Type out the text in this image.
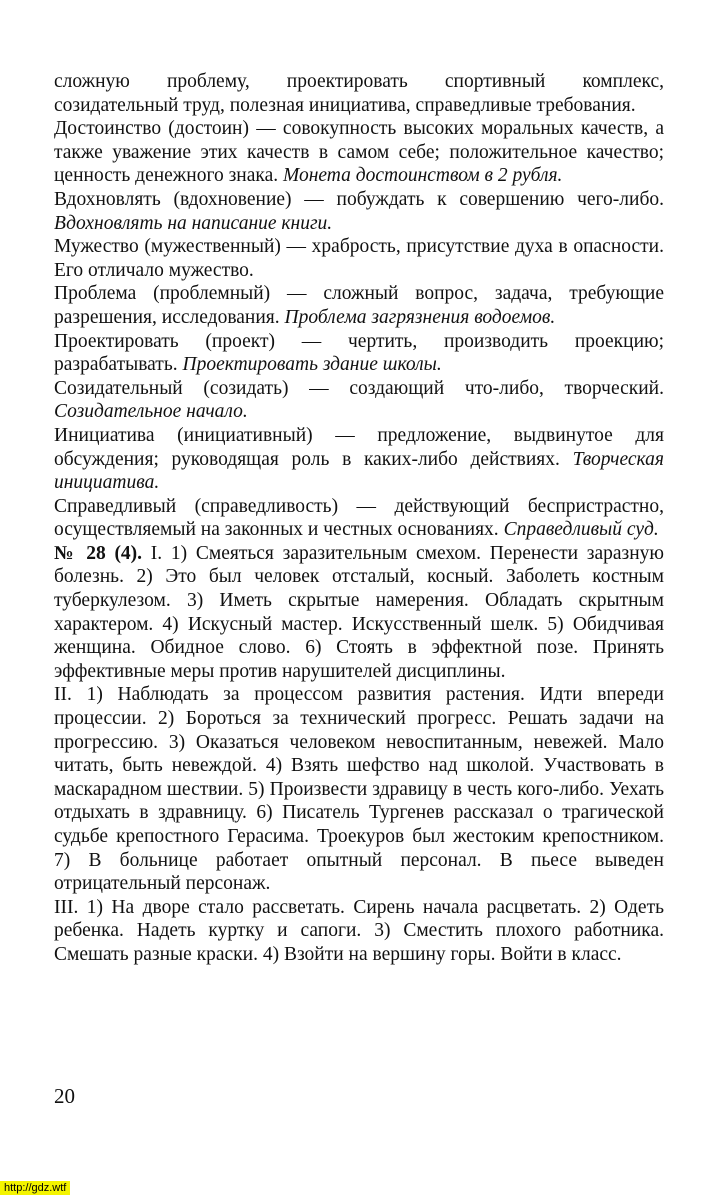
сложную проблему, проектировать спортивный комплекс, созидательный труд, полезная инициатива, справедливые требования.

Достоинство (достоин) — совокупность высоких моральных качеств, а также уважение этих качеств в самом себе; положительное качество; ценность денежного знака. Монета достоинством в 2 рубля.

Вдохновлять (вдохновение) — побуждать к совершению чего-либо. Вдохновлять на написание книги.

Мужество (мужественный) — храбрость, присутствие духа в опасности. Его отличало мужество.

Проблема (проблемный) — сложный вопрос, задача, требующие разрешения, исследования. Проблема загрязнения водоемов.

Проектировать (проект) — чертить, производить проекцию; разрабатывать. Проектировать здание школы.

Созидательный (созидать) — создающий что-либо, творческий. Созидательное начало.

Инициатива (инициативный) — предложение, выдвинутое для обсуждения; руководящая роль в каких-либо действиях. Творческая инициатива.

Справедливый (справедливость) — действующий беспристрастно, осуществляемый на законных и честных основаниях. Справедливый суд.

№ 28 (4). I. 1) Смеяться заразительным смехом. Перенести заразную болезнь. 2) Это был человек отсталый, косный. Заболеть костным туберкулезом. 3) Иметь скрытые намерения. Обладать скрытным характером. 4) Искусный мастер. Искусственный шелк. 5) Обидчивая женщина. Обидное слово. 6) Стоять в эффектной позе. Принять эффективные меры против нарушителей дисциплины.

II. 1) Наблюдать за процессом развития растения. Идти впереди процессии. 2) Бороться за технический прогресс. Решать задачи на прогрессию. 3) Оказаться человеком невоспитанным, невежей. Мало читать, быть невеждой. 4) Взять шефство над школой. Участвовать в маскарадном шествии. 5) Произвести здравицу в честь кого-либо. Уехать отдыхать в здравницу. 6) Писатель Тургенев рассказал о трагической судьбе крепостного Герасима. Троекуров был жестоким крепостником. 7) В больнице работает опытный персонал. В пьесе выведен отрицательный персонаж.

III. 1) На дворе стало рассветать. Сирень начала расцветать. 2) Одеть ребенка. Надеть куртку и сапоги. 3) Сместить плохого работника. Смешать разные краски. 4) Взойти на вершину горы. Войти в класс.

20
http://gdz.wtf
